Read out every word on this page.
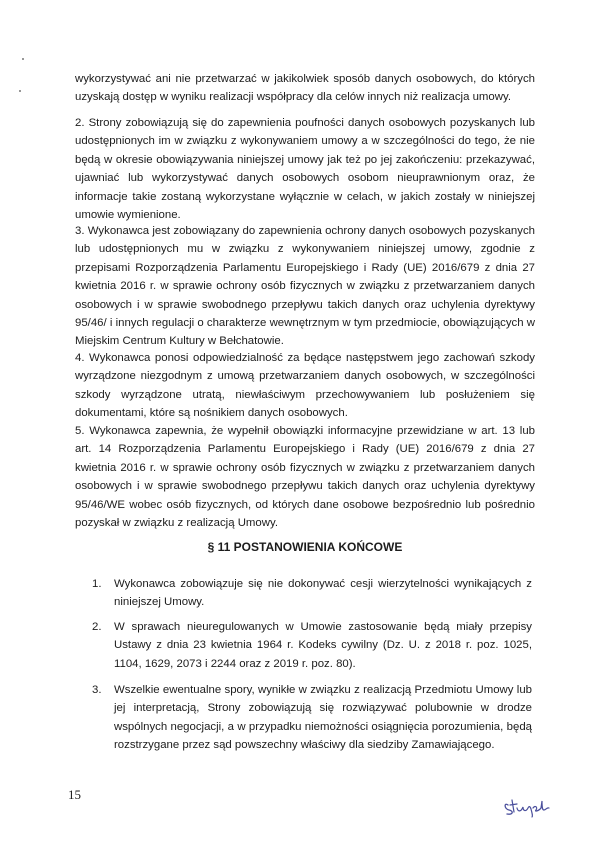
wykorzystywać ani nie przetwarzać w jakikolwiek sposób danych osobowych, do których uzyskają dostęp w wyniku realizacji współpracy dla celów innych niż realizacja umowy.

2. Strony zobowiązują się do zapewnienia poufności danych osobowych pozyskanych lub udostępnionych im w związku z wykonywaniem umowy a w szczególności do tego, że nie będą w okresie obowiązywania niniejszej umowy jak też po jej zakończeniu: przekazywać, ujawniać lub wykorzystywać danych osobowych osobom nieuprawnionym oraz, że informacje takie zostaną wykorzystane wyłącznie w celach, w jakich zostały w niniejszej umowie wymienione.

3. Wykonawca jest zobowiązany do zapewnienia ochrony danych osobowych pozyskanych lub udostępnionych mu w związku z wykonywaniem niniejszej umowy, zgodnie z przepisami Rozporządzenia Parlamentu Europejskiego i Rady (UE) 2016/679 z dnia 27 kwietnia 2016 r. w sprawie ochrony osób fizycznych w związku z przetwarzaniem danych osobowych i w sprawie swobodnego przepływu takich danych oraz uchylenia dyrektywy 95/46/ i innych regulacji o charakterze wewnętrznym w tym przedmiocie, obowiązujących w Miejskim Centrum Kultury w Bełchatowie.

4. Wykonawca ponosi odpowiedzialność za będące następstwem jego zachowań szkody wyrządzone niezgodnym z umową przetwarzaniem danych osobowych, w szczególności szkody wyrządzone utratą, niewłaściwym przechowywaniem lub posłużeniem się dokumentami, które są nośnikiem danych osobowych.

5. Wykonawca zapewnia, że wypełnił obowiązki informacyjne przewidziane w art. 13 lub art. 14 Rozporządzenia Parlamentu Europejskiego i Rady (UE) 2016/679 z dnia 27 kwietnia 2016 r. w sprawie ochrony osób fizycznych w związku z przetwarzaniem danych osobowych i w sprawie swobodnego przepływu takich danych oraz uchylenia dyrektywy 95/46/WE wobec osób fizycznych, od których dane osobowe bezpośrednio lub pośrednio pozyskał w związku z realizacją Umowy.

§ 11 POSTANOWIENIA KOŃCOWE
1. Wykonawca zobowiązuje się nie dokonywać cesji wierzytelności wynikających z niniejszej Umowy.
2. W sprawach nieuregulowanych w Umowie zastosowanie będą miały przepisy Ustawy z dnia 23 kwietnia 1964 r. Kodeks cywilny (Dz. U. z 2018 r. poz. 1025, 1104, 1629, 2073 i 2244 oraz z 2019 r. poz. 80).
3. Wszelkie ewentualne spory, wynikłe w związku z realizacją Przedmiotu Umowy lub jej interpretacją, Strony zobowiązują się rozwiązywać polubownie w drodze wspólnych negocjacji, a w przypadku niemożności osiągnięcia porozumienia, będą rozstrzygane przez sąd powszechny właściwy dla siedziby Zamawiającego.
15
